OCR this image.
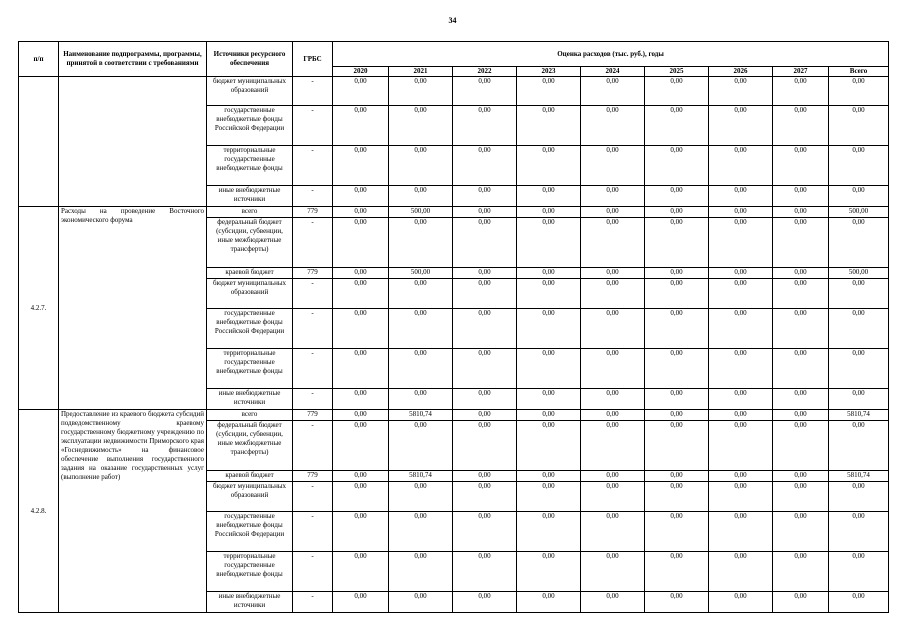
34
п/п	Наименование подпрограммы, программы, принятой в соответствии с требованиями	Источники ресурсного обеспечения	ГРБС	Оценка расходов (тыс. руб.), годы								
				2020	2021	2022	2023	2024	2025	2026	2027	Всего
		бюджет муниципальных образований	-	0,00	0,00	0,00	0,00	0,00	0,00	0,00	0,00	0,00
		государственные внебюджетные фонды Российской Федерации	-	0,00	0,00	0,00	0,00	0,00	0,00	0,00	0,00	0,00
		территориальные государственные внебюджетные фонды	-	0,00	0,00	0,00	0,00	0,00	0,00	0,00	0,00	0,00
		иные внебюджетные источники	-	0,00	0,00	0,00	0,00	0,00	0,00	0,00	0,00	0,00
4.2.7.	Расходы на проведение Восточного экономического форума	всего	779	0,00	500,00	0,00	0,00	0,00	0,00	0,00	0,00	500,00
		федеральный бюджет (субсидии, субвенции, иные межбюджетные трансферты)	-	0,00	0,00	0,00	0,00	0,00	0,00	0,00	0,00	0,00
		краевой бюджет	779	0,00	500,00	0,00	0,00	0,00	0,00	0,00	0,00	500,00
		бюджет муниципальных образований	-	0,00	0,00	0,00	0,00	0,00	0,00	0,00	0,00	0,00
		государственные внебюджетные фонды Российской Федерации	-	0,00	0,00	0,00	0,00	0,00	0,00	0,00	0,00	0,00
		территориальные государственные внебюджетные фонды	-	0,00	0,00	0,00	0,00	0,00	0,00	0,00	0,00	0,00
		иные внебюджетные источники	-	0,00	0,00	0,00	0,00	0,00	0,00	0,00	0,00	0,00
4.2.8.	Предоставление из краевого бюджета субсидий подведомственному краевому государственному бюджетному учреждению по эксплуатации недвижимости Приморского края «Госнедвижимость» на финансовое обеспечение выполнения государственного задания на оказание государственных услуг (выполнение работ)	всего	779	0,00	5810,74	0,00	0,00	0,00	0,00	0,00	0,00	5810,74
		федеральный бюджет (субсидии, субвенции, иные межбюджетные трансферты)	-	0,00	0,00	0,00	0,00	0,00	0,00	0,00	0,00	0,00
		краевой бюджет	779	0,00	5810,74	0,00	0,00	0,00	0,00	0,00	0,00	5810,74
		бюджет муниципальных образований	-	0,00	0,00	0,00	0,00	0,00	0,00	0,00	0,00	0,00
		государственные внебюджетные фонды Российской Федерации	-	0,00	0,00	0,00	0,00	0,00	0,00	0,00	0,00	0,00
		территориальные государственные внебюджетные фонды	-	0,00	0,00	0,00	0,00	0,00	0,00	0,00	0,00	0,00
		иные внебюджетные источники	-	0,00	0,00	0,00	0,00	0,00	0,00	0,00	0,00	0,00
